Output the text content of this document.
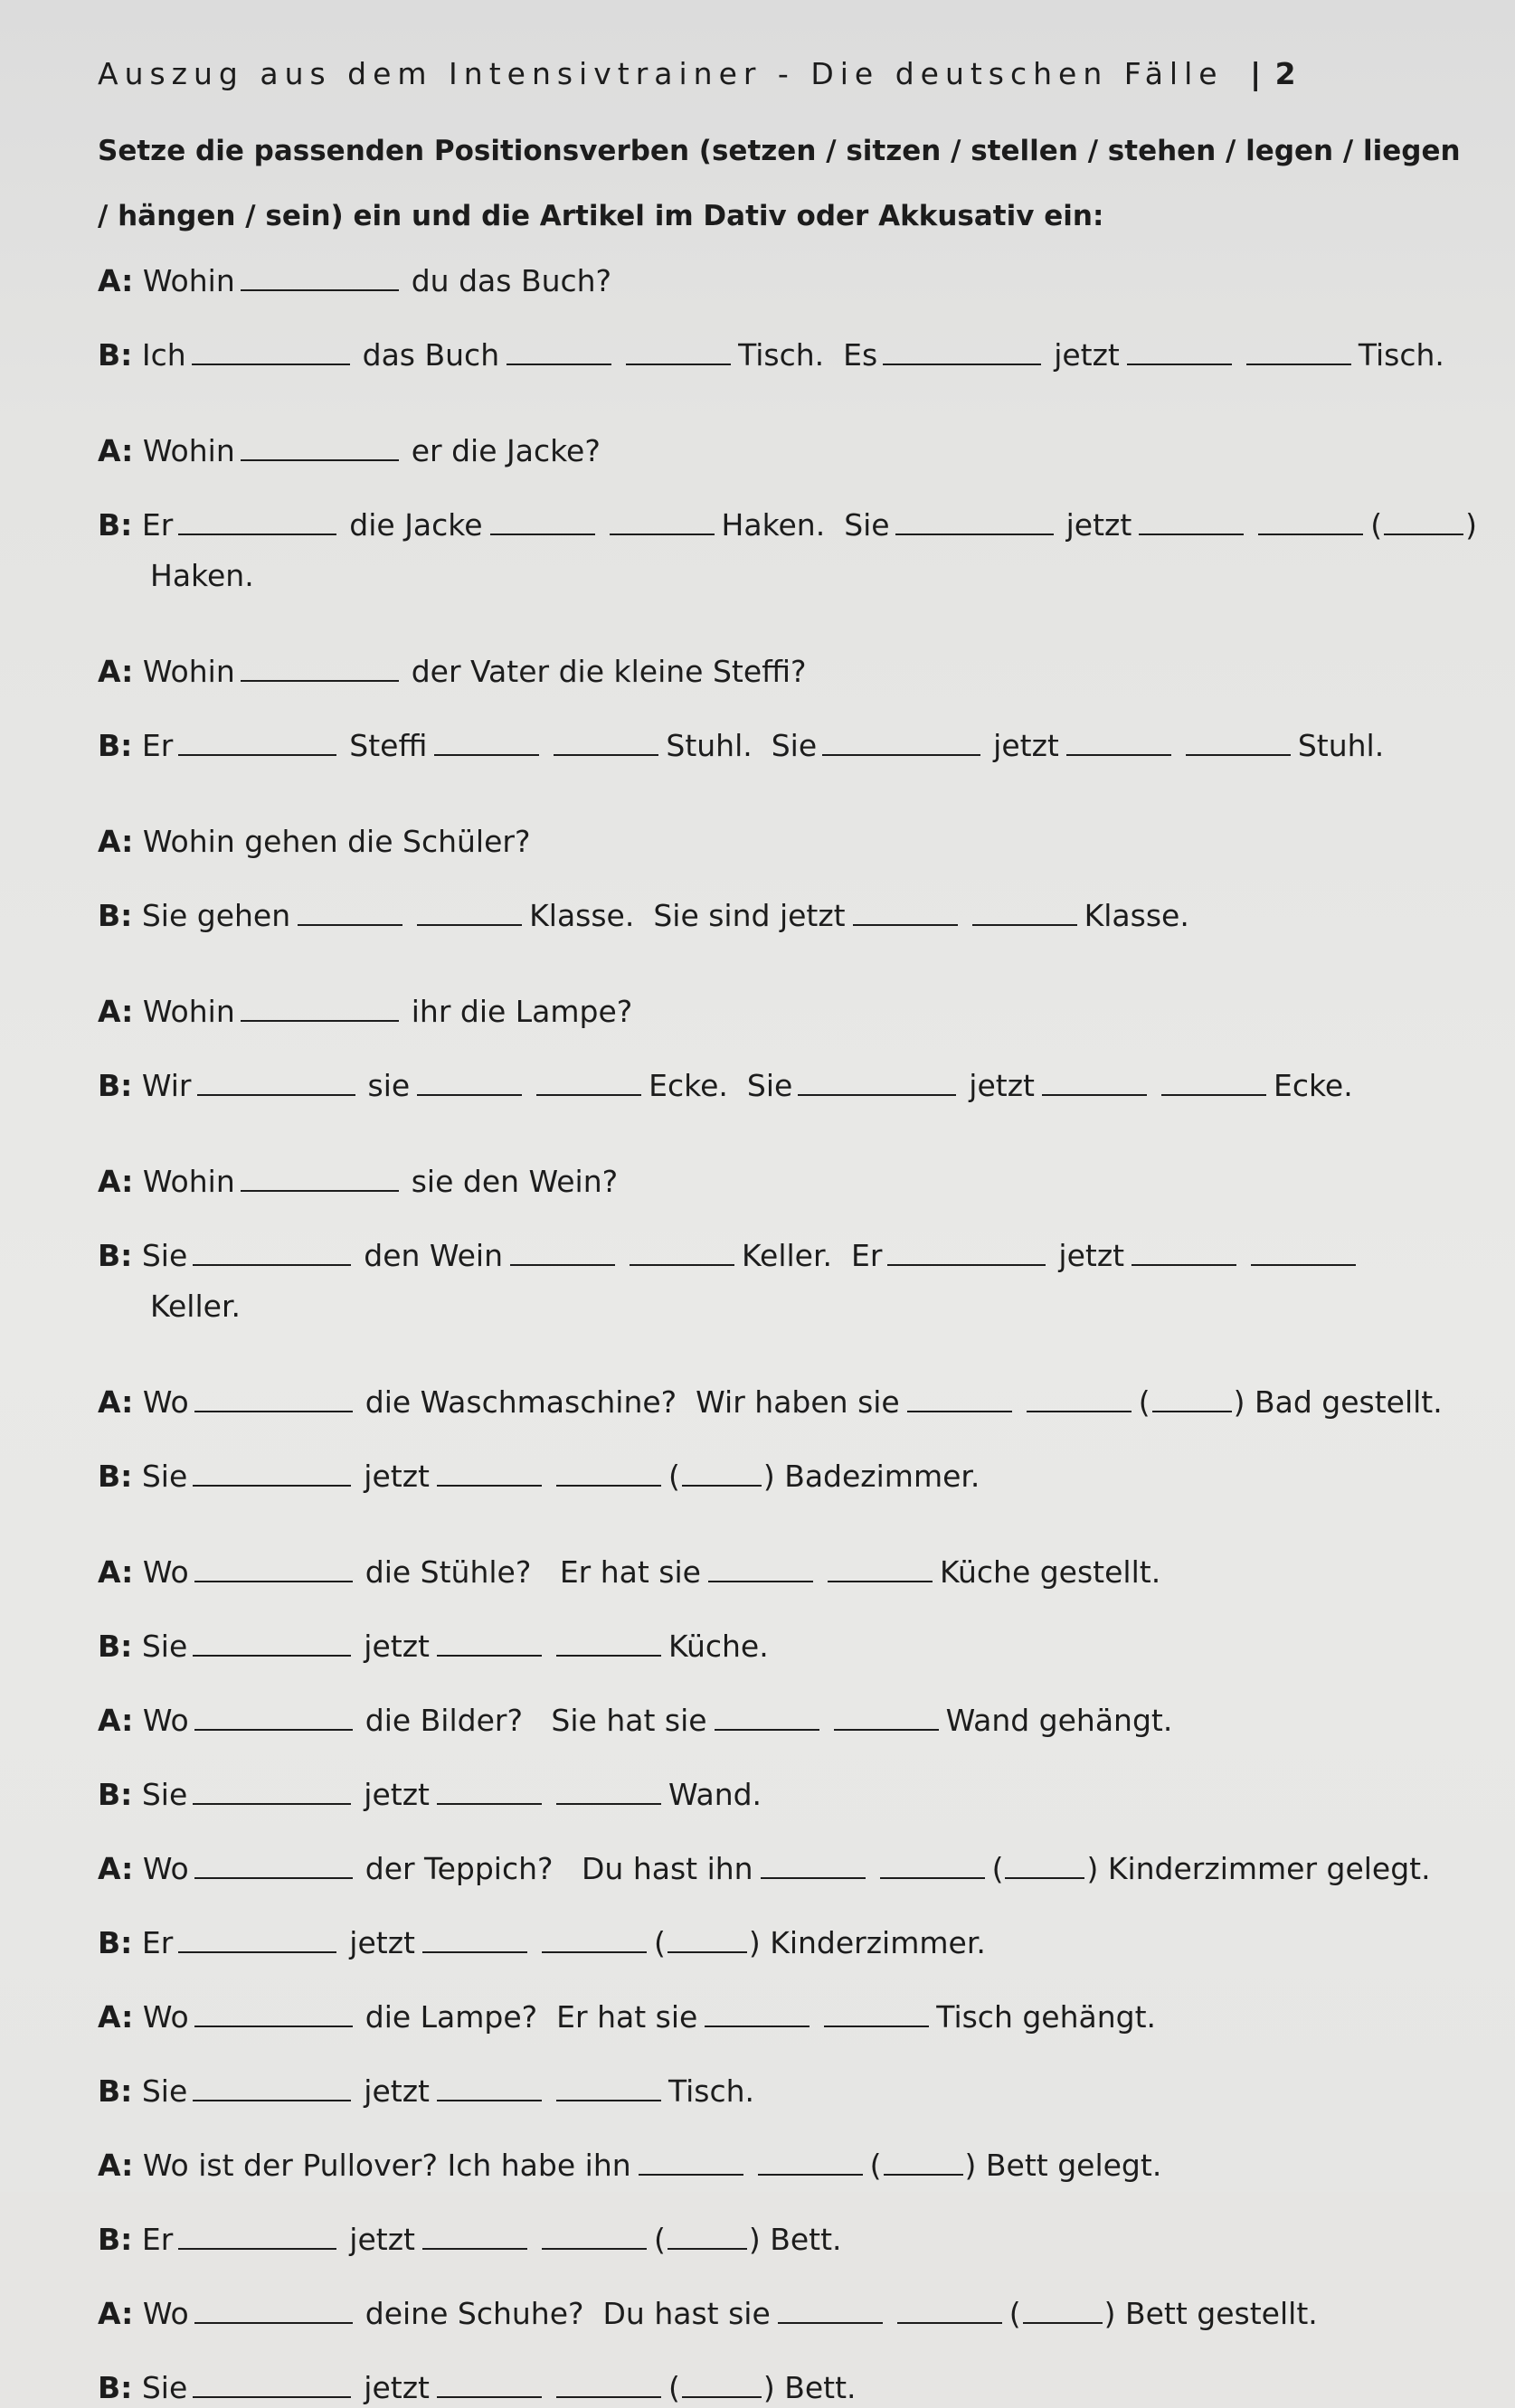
Auszug aus dem Intensivtrainer - Die deutschen Fälle | 2
Setze die passenden Positionsverben (setzen / sitzen / stellen / stehen / legen / liegen / hängen / sein) ein und die Artikel im Dativ oder Akkusativ ein:
A: Wohin	du das Buch?
B: Ich	das Buch	Tisch.  Es	jetzt	Tisch.
A: Wohin	er die Jacke?
B: Er	die Jacke	Haken.  Sie	jetzt	(	)
Haken.
A: Wohin	der Vater die kleine Steffi?
B: Er	Steffi	Stuhl.  Sie	jetzt	Stuhl.
A: Wohin gehen die Schüler?
B: Sie gehen	Klasse.  Sie sind jetzt	Klasse.
A: Wohin	ihr die Lampe?
B: Wir	sie	Ecke.  Sie	jetzt	Ecke.
A: Wohin	sie den Wein?
B: Sie	den Wein	Keller.  Er	jetzt
Keller.
A: Wo	die Waschmaschine?  Wir haben sie	(	) Bad gestellt.
B: Sie	jetzt	(	) Badezimmer.
A: Wo	die Stühle?   Er hat sie	Küche gestellt.
B: Sie	jetzt	Küche.
A: Wo	die Bilder?   Sie hat sie	Wand gehängt.
B: Sie	jetzt	Wand.
A: Wo	der Teppich?   Du hast ihn	(	) Kinderzimmer gelegt.
B: Er	jetzt	(	) Kinderzimmer.
A: Wo	die Lampe?  Er hat sie	Tisch gehängt.
B: Sie	jetzt	Tisch.
A: Wo ist der Pullover? Ich habe ihn	(	) Bett gelegt.
B: Er	jetzt	(	) Bett.
A: Wo	deine Schuhe?  Du hast sie	(	) Bett gestellt.
B: Sie	jetzt	(	) Bett.
